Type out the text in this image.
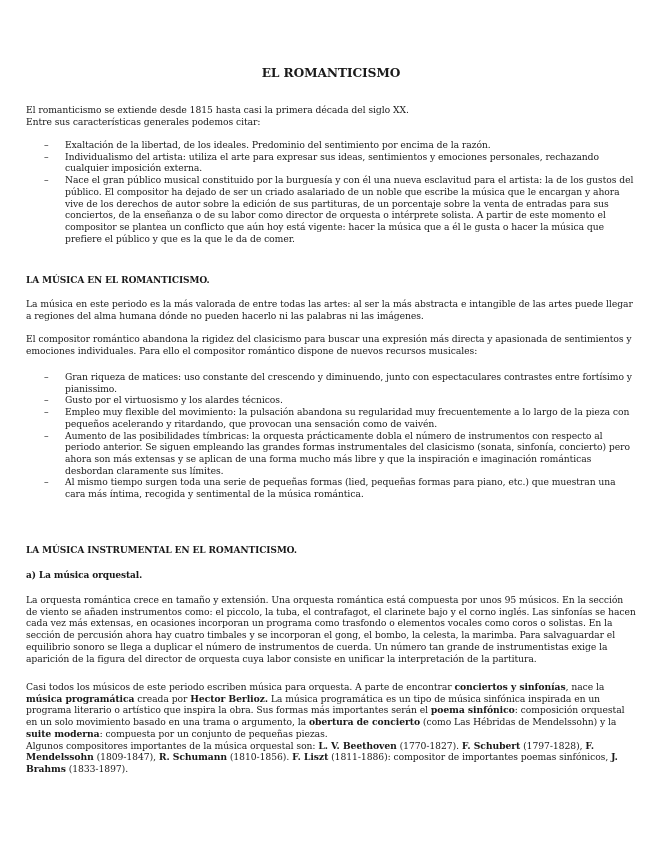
EL ROMANTICISMO

El romanticismo se extiende desde 1815 hasta casi la primera década del siglo XX.

Entre sus características generales podemos citar:

– Exaltación de la libertad, de los ideales. Predominio del sentimiento por encima de la razón.
– Individualismo del artista: utiliza el arte para expresar sus ideas, sentimientos y emociones personales, rechazando cualquier imposición externa.
– Nace el gran público musical constituido por la burguesía y con él una nueva esclavitud para el artista: la de los gustos del público. El compositor ha dejado de ser un criado asalariado de un noble que escribe la música que le encargan y ahora vive de los derechos de autor sobre la edición de sus partituras, de un porcentaje sobre la venta de entradas para sus conciertos, de la enseñanza o de su labor como director de orquesta o intérprete solista. A partir de este momento el compositor se plantea un conflicto que aún hoy está vigente: hacer la música que a él le gusta o hacer la música que prefiere el público y que es la que le da de comer.

LA MÚSICA EN EL ROMANTICISMO.

La música en este periodo es la más valorada de entre todas las artes: al ser la más abstracta e intangible de las artes puede llegar a regiones del alma humana dónde no pueden hacerlo ni las palabras ni las imágenes.

El compositor romántico abandona la rigidez del clasicismo para buscar una expresión más directa y apasionada de sentimientos y emociones individuales. Para ello el compositor romántico dispone de nuevos recursos musicales:

– Gran riqueza de matices: uso constante del crescendo y diminuendo, junto con espectaculares contrastes entre fortísimo y pianissimo.
– Gusto por el virtuosismo y los alardes técnicos.
– Empleo muy flexible del movimiento: la pulsación abandona su regularidad muy frecuentemente a lo largo de la pieza con pequeños acelerando y ritardando, que provocan una sensación como de vaivén.
– Aumento de las posibilidades tímbricas: la orquesta prácticamente dobla el número de instrumentos con respecto al periodo anterior. Se siguen empleando las grandes formas instrumentales del clasicismo (sonata, sinfonía, concierto) pero ahora son más extensas y se aplican de una forma mucho más libre y que la inspiración e imaginación románticas desbordan claramente sus límites.
– Al mismo tiempo surgen toda una serie de pequeñas formas (lied, pequeñas formas para piano, etc.) que muestran una cara más íntima, recogida y sentimental de la música romántica.

LA MÚSICA INSTRUMENTAL EN EL ROMANTICISMO.

a) La música orquestal.

La orquesta romántica crece en tamaño y extensión. Una orquesta romántica está compuesta por unos 95 músicos. En la sección de viento se añaden instrumentos como: el piccolo, la tuba, el contrafagot, el clarinete bajo y el corno inglés. Las sinfonías se hacen cada vez más extensas, en ocasiones incorporan un programa como trasfondo o elementos vocales como coros o solistas. En la sección de percusión ahora hay cuatro timbales y se incorporan el gong, el bombo, la celesta, la marimba. Para salvaguardar el equilibrio sonoro se llega a duplicar el número de instrumentos de cuerda. Un número tan grande de instrumentistas exige la aparición de la figura del director de orquesta cuya labor consiste en unificar la interpretación de la partitura.

Casi todos los músicos de este periodo escriben música para orquesta. A parte de encontrar conciertos y sinfonías, nace la música programática creada por Hector Berlioz. La música programática es un tipo de música sinfónica inspirada en un programa literario o artístico que inspira la obra. Sus formas más importantes serán el poema sinfónico: composición orquestal en un solo movimiento basado en una trama o argumento, la obertura de concierto (como Las Hébridas de Mendelssohn) y la suite moderna: compuesta por un conjunto de pequeñas piezas.

Algunos compositores importantes de la música orquestal son: L. V. Beethoven (1770-1827). F. Schubert (1797-1828), F. Mendelssohn (1809-1847), R. Schumann (1810-1856). F. Liszt (1811-1886): compositor de importantes poemas sinfónicos, J. Brahms (1833-1897).
